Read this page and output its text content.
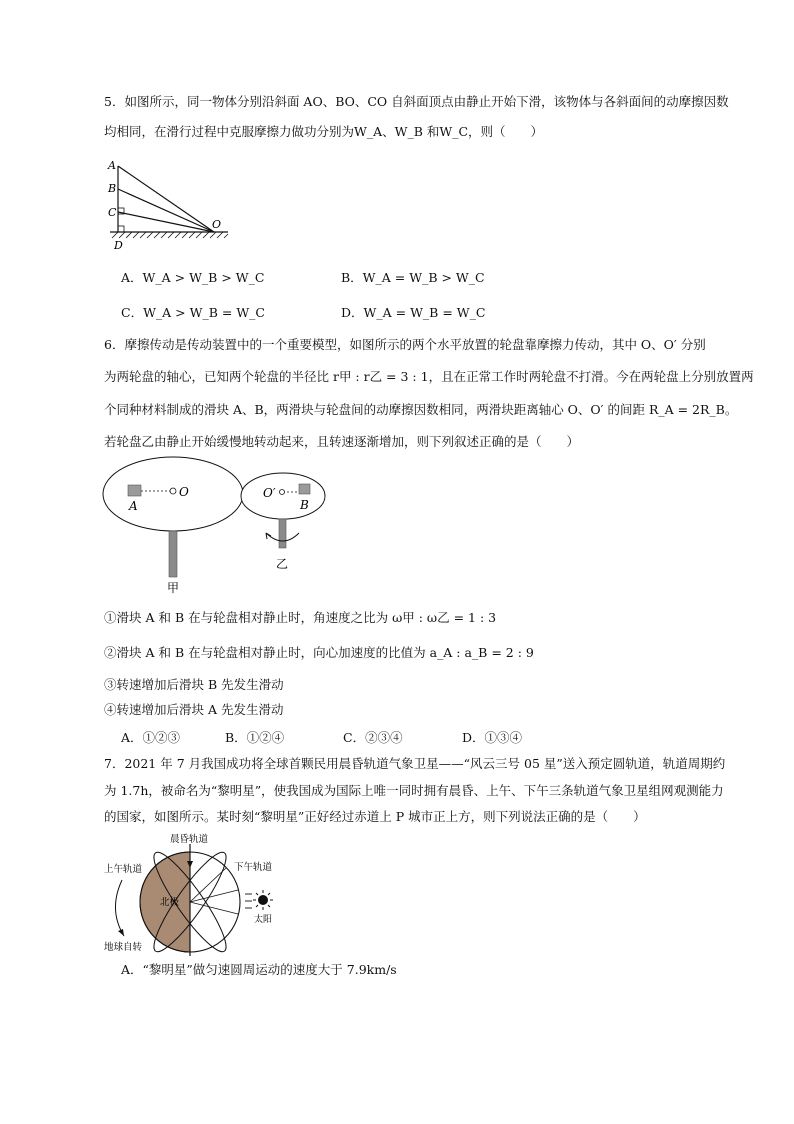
5．如图所示，同一物体分别沿斜面 AO、BO、CO 自斜面顶点由静止开始下滑，该物体与各斜面间的动摩擦因数
均相同，在滑行过程中克服摩擦力做功分别为W_A、W_B 和W_C，则（　　）
A
B
C
D
O
A．W_A > W_B > W_C	B．W_A = W_B > W_C
C．W_A > W_B = W_C	D．W_A = W_B = W_C
6．摩擦传动是传动装置中的一个重要模型，如图所示的两个水平放置的轮盘靠摩擦力传动，其中 O、O′ 分别
为两轮盘的轴心，已知两个轮盘的半径比 r甲 : r乙 = 3 : 1，且在正常工作时两轮盘不打滑。今在两轮盘上分别放置两
个同种材料制成的滑块 A、B，两滑块与轮盘间的动摩擦因数相同，两滑块距离轴心 O、O′ 的间距 R_A = 2R_B。
若轮盘乙由静止开始缓慢地转动起来，且转速逐渐增加，则下列叙述正确的是（　　）
O
A
甲
O′
B
乙
①滑块 A 和 B 在与轮盘相对静止时，角速度之比为 ω甲 : ω乙 = 1 : 3
②滑块 A 和 B 在与轮盘相对静止时，向心加速度的比值为 a_A : a_B = 2 : 9
③转速增加后滑块 B 先发生滑动
④转速增加后滑块 A 先发生滑动
A．①②③	B．①②④	C．②③④	D．①③④
7．2021 年 7 月我国成功将全球首颗民用晨昏轨道气象卫星——“风云三号 05 星”送入预定圆轨道，轨道周期约
为 1.7h，被命名为“黎明星”，使我国成为国际上唯一同时拥有晨昏、上午、下午三条轨道气象卫星组网观测能力
的国家，如图所示。某时刻“黎明星”正好经过赤道上 P 城市正上方，则下列说法正确的是（　　）
晨昏轨道
上午轨道	下午轨道
北极
太阳
地球自转
A．“黎明星”做匀速圆周运动的速度大于 7.9km/s
